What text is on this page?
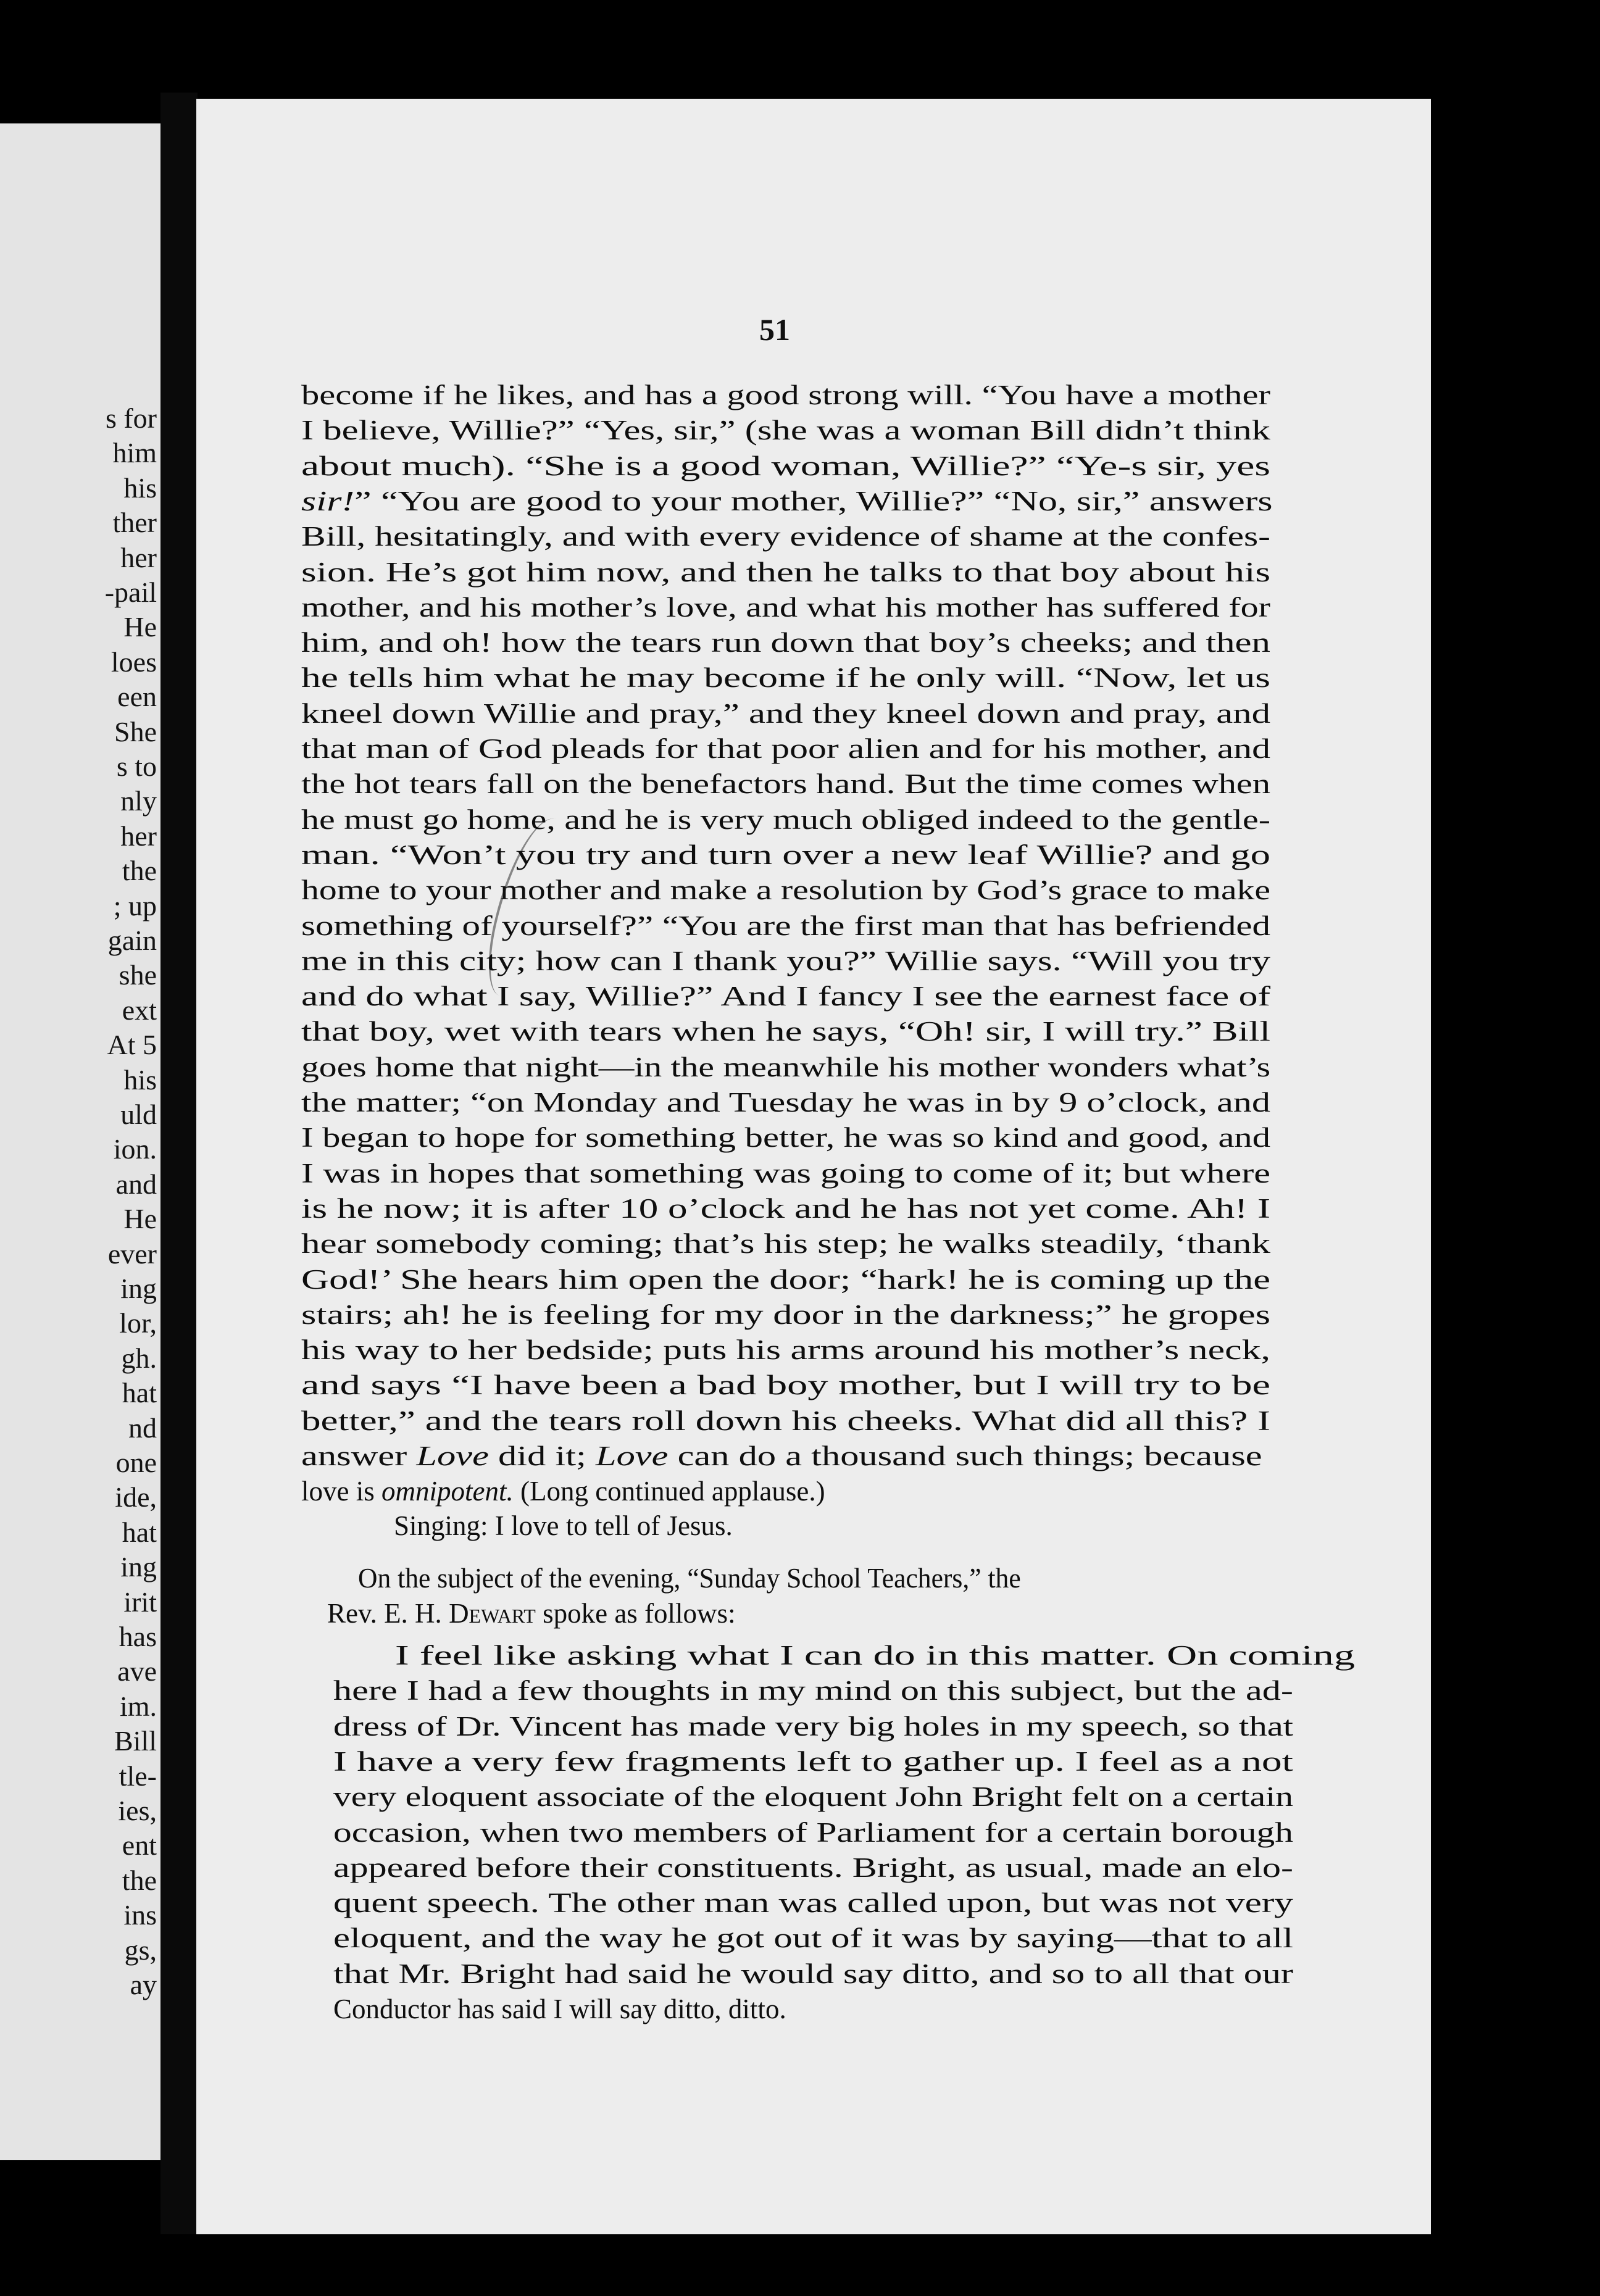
s for
him
his
ther
her
-pail
He
loes
een
She
s to
nly
her
the
; up
gain
she
ext
At 5
his
uld
ion.
and
He
ever
ing
lor,
gh.
hat
nd
one
ide,
hat
ing
irit
has
ave
im.
Bill
tle-
ies,
ent
the
ins
gs,
ay
51
become if he likes, and has a good strong will. “You have a mother
I believe, Willie?” “Yes, sir,” (she was a woman Bill didn’t think
about much). “She is a good woman, Willie?” “Ye-s sir, yes
sir!” “You are good to your mother, Willie?” “No, sir,” answers
Bill, hesitatingly, and with every evidence of shame at the confes-
sion. He’s got him now, and then he talks to that boy about his
mother, and his mother’s love, and what his mother has suffered for
him, and oh! how the tears run down that boy’s cheeks; and then
he tells him what he may become if he only will. “Now, let us
kneel down Willie and pray,” and they kneel down and pray, and
that man of God pleads for that poor alien and for his mother, and
the hot tears fall on the benefactors hand. But the time comes when
he must go home, and he is very much obliged indeed to the gentle-
man. “Won’t you try and turn over a new leaf Willie? and go
home to your mother and make a resolution by God’s grace to make
something of yourself?” “You are the first man that has befriended
me in this city; how can I thank you?” Willie says. “Will you try
and do what I say, Willie?” And I fancy I see the earnest face of
that boy, wet with tears when he says, “Oh! sir, I will try.” Bill
goes home that night—in the meanwhile his mother wonders what’s
the matter; “on Monday and Tuesday he was in by 9 o’clock, and
I began to hope for something better, he was so kind and good, and
I was in hopes that something was going to come of it; but where
is he now; it is after 10 o’clock and he has not yet come. Ah! I
hear somebody coming; that’s his step; he walks steadily, ‘thank
God!’ She hears him open the door; “hark! he is coming up the
stairs; ah! he is feeling for my door in the darkness;” he gropes
his way to her bedside; puts his arms around his mother’s neck,
and says “I have been a bad boy mother, but I will try to be
better,” and the tears roll down his cheeks. What did all this? I
answer Love did it; Love can do a thousand such things; because
love is omnipotent. (Long continued applause.)
Singing: I love to tell of Jesus.
On the subject of the evening, “Sunday School Teachers,” the
Rev. E. H. Dewart spoke as follows:
I feel like asking what I can do in this matter. On coming
here I had a few thoughts in my mind on this subject, but the ad-
dress of Dr. Vincent has made very big holes in my speech, so that
I have a very few fragments left to gather up. I feel as a not
very eloquent associate of the eloquent John Bright felt on a certain
occasion, when two members of Parliament for a certain borough
appeared before their constituents. Bright, as usual, made an elo-
quent speech. The other man was called upon, but was not very
eloquent, and the way he got out of it was by saying—that to all
that Mr. Bright had said he would say ditto, and so to all that our
Conductor has said I will say ditto, ditto.
